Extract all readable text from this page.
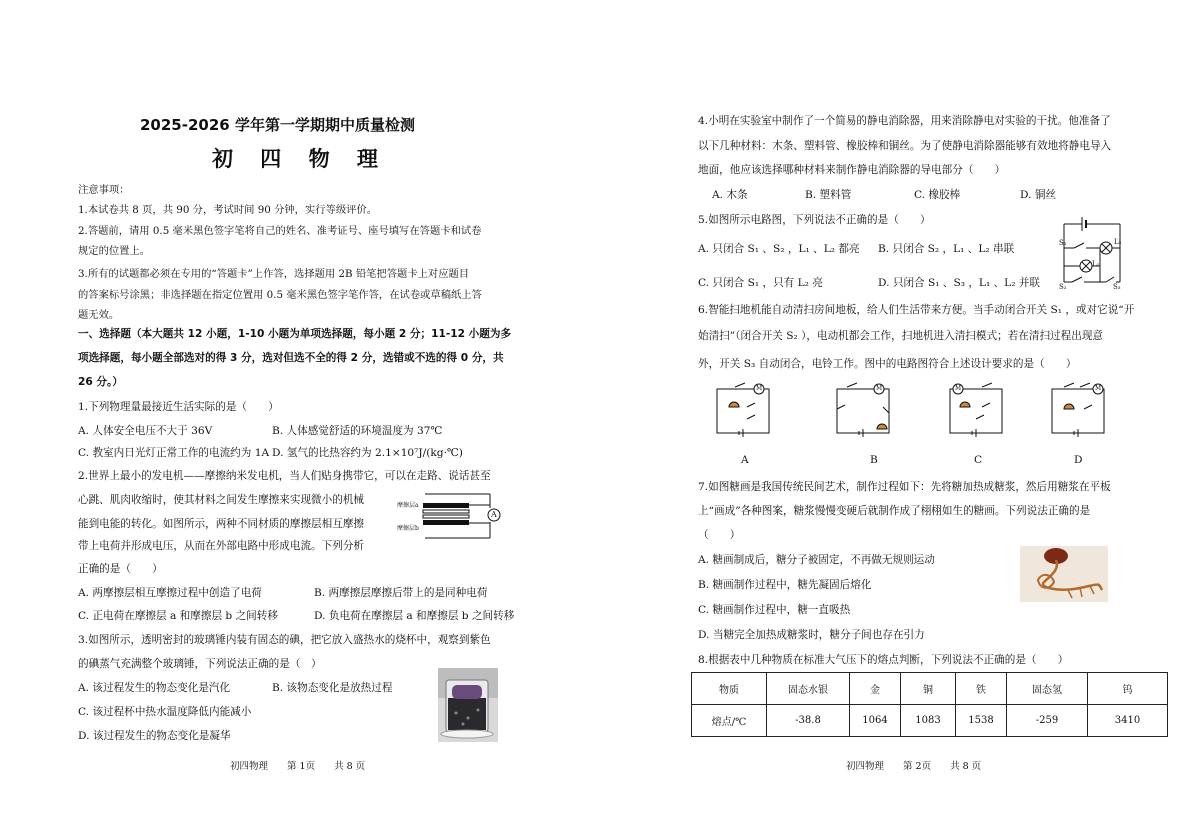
2025-2026 学年第一学期期中质量检测
初 四 物 理
注意事项：
1.本试卷共 8 页，共 90 分，考试时间 90 分钟，实行等级评价。
2.答题前，请用 0.5 毫米黑色签字笔将自己的姓名、准考证号、座号填写在答题卡和试卷
规定的位置上。
3.所有的试题都必须在专用的“答题卡”上作答，选择题用 2B 铅笔把答题卡上对应题目
的答案标号涂黑；非选择题在指定位置用 0.5 毫米黑色签字笔作答，在试卷或草稿纸上答
题无效。
一、选择题（本大题共 12 小题，1-10 小题为单项选择题，每小题 2 分；11-12 小题为多
项选择题，每小题全部选对的得 3 分，选对但选不全的得 2 分，选错或不选的得 0 分，共
26 分。）
1.下列物理量最接近生活实际的是（　　）
A. 人体安全电压不大于 36V	B. 人体感觉舒适的环境温度为 37℃
C. 教室内日光灯正常工作的电流约为 1A D. 氢气的比热容约为 2.1×10⁷J/(kg·℃)
2.世界上最小的发电机——摩擦纳米发电机，当人们贴身携带它，可以在走路、说话甚至
心跳、肌肉收缩时，使其材料之间发生摩擦来实现微小的机械
能到电能的转化。如图所示，两种不同材质的摩擦层相互摩擦
带上电荷并形成电压，从而在外部电路中形成电流。下列分析
正确的是（　　）
A
摩擦层a
摩擦层b
A. 两摩擦层相互摩擦过程中创造了电荷	B. 两摩擦层摩擦后带上的是同种电荷
C. 正电荷在摩擦层 a 和摩擦层 b 之间转移	D. 负电荷在摩擦层 a 和摩擦层 b 之间转移
3.如图所示，透明密封的玻璃锤内装有固态的碘，把它放入盛热水的烧杯中，观察到紫色
的碘蒸气充满整个玻璃锤，下列说法正确的是（　）
A. 该过程发生的物态变化是汽化	B. 该物态变化是放热过程
C. 该过程杯中热水温度降低内能减小
D. 该过程发生的物态变化是凝华
初四物理　　第 1页　　共 8 页
4.小明在实验室中制作了一个简易的静电消除器，用来消除静电对实验的干扰。他准备了
以下几种材料：木条、塑料管、橡胶棒和铜丝。为了使静电消除器能够有效地将静电导入
地面，他应该选择哪种材料来制作静电消除器的导电部分（　　）
A. 木条	B. 塑料管	C. 橡胶棒	D. 铜丝
5.如图所示电路图，下列说法不正确的是（　　）
A. 只闭合 S₁ 、S₂ ，L₁ 、L₂ 都亮 B. 只闭合 S₂ ，L₁ 、L₂ 串联
C. 只闭合 S₁ ，只有 L₂ 亮	D. 只闭合 S₁ 、S₃ ，L₁ 、L₂ 并联
S₁	L₂
L₁
S₂	S₃
6.智能扫地机能自动清扫房间地板，给人们生活带来方便。当手动闭合开关 S₁ ，或对它说“开
始清扫”（闭合开关 S₂ ），电动机都会工作，扫地机进入清扫模式；若在清扫过程出现意
外，开关 S₃ 自动闭合，电铃工作。图中的电路图符合上述设计要求的是（　　）
M	M	M	M
A	B	C	D
7.如图糖画是我国传统民间艺术，制作过程如下：先将糖加热成糖浆，然后用糖浆在平板
上“画成”各种图案，糖浆慢慢变硬后就制作成了栩栩如生的糖画。下列说法正确的是
（　　）
A. 糖画制成后，糖分子被固定，不再做无规则运动
B. 糖画制作过程中，糖先凝固后熔化
C. 糖画制作过程中，糖一直吸热
D. 当糖完全加热成糖浆时，糖分子间也存在引力
8.根据表中几种物质在标准大气压下的熔点判断，下列说法不正确的是（　　）
物质	固态水银	金	铜	铁	固态氢	钨
熔点/℃	-38.8	1064	1083	1538	-259	3410
初四物理　　第 2页　　共 8 页
